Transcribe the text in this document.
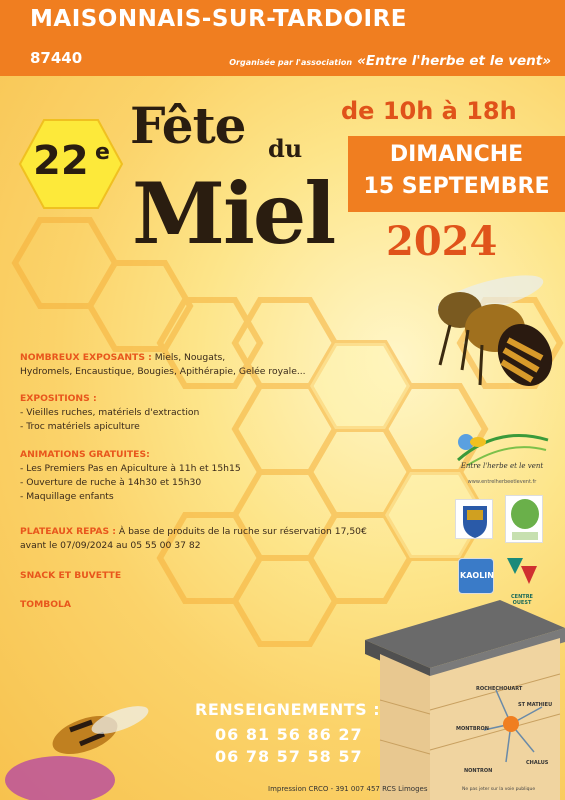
MAISONNAIS-SUR-TARDOIRE
87440	Organisée par l'association «Entre l'herbe et le vent»
22 e Fête du
Miel
de 10h à 18h
DIMANCHE
15 SEPTEMBRE
2024
NOMBREUX EXPOSANTS : Miels, Nougats,
Hydromels, Encaustique, Bougies, Apithérapie, Gelée royale...
EXPOSITIONS :
- Vieilles ruches, matériels d'extraction
- Troc matériels apiculture
ANIMATIONS GRATUITES:
- Les Premiers Pas en Apiculture à 11h et 15h15
- Ouverture de ruche à 14h30 et 15h30
- Maquillage enfants
PLATEAUX REPAS : À base de produits de la ruche sur réservation 17,50€
avant le 07/09/2024 au 05 55 00 37 82
SNACK ET BUVETTE
TOMBOLA
Entre l'herbe et le vent
www.entrelherbeetlevent.fr
KAOLIN
CENTRE OUEST
RENSEIGNEMENTS :
06 81 56 86 27
06 78 57 58 57
ROCHECHOUART
ST MATHIEU
MONTBRON
CHALUS
NONTRON
Impression CRCO - 391 007 457 RCS Limoges	Ne pas jeter sur la voie publique
